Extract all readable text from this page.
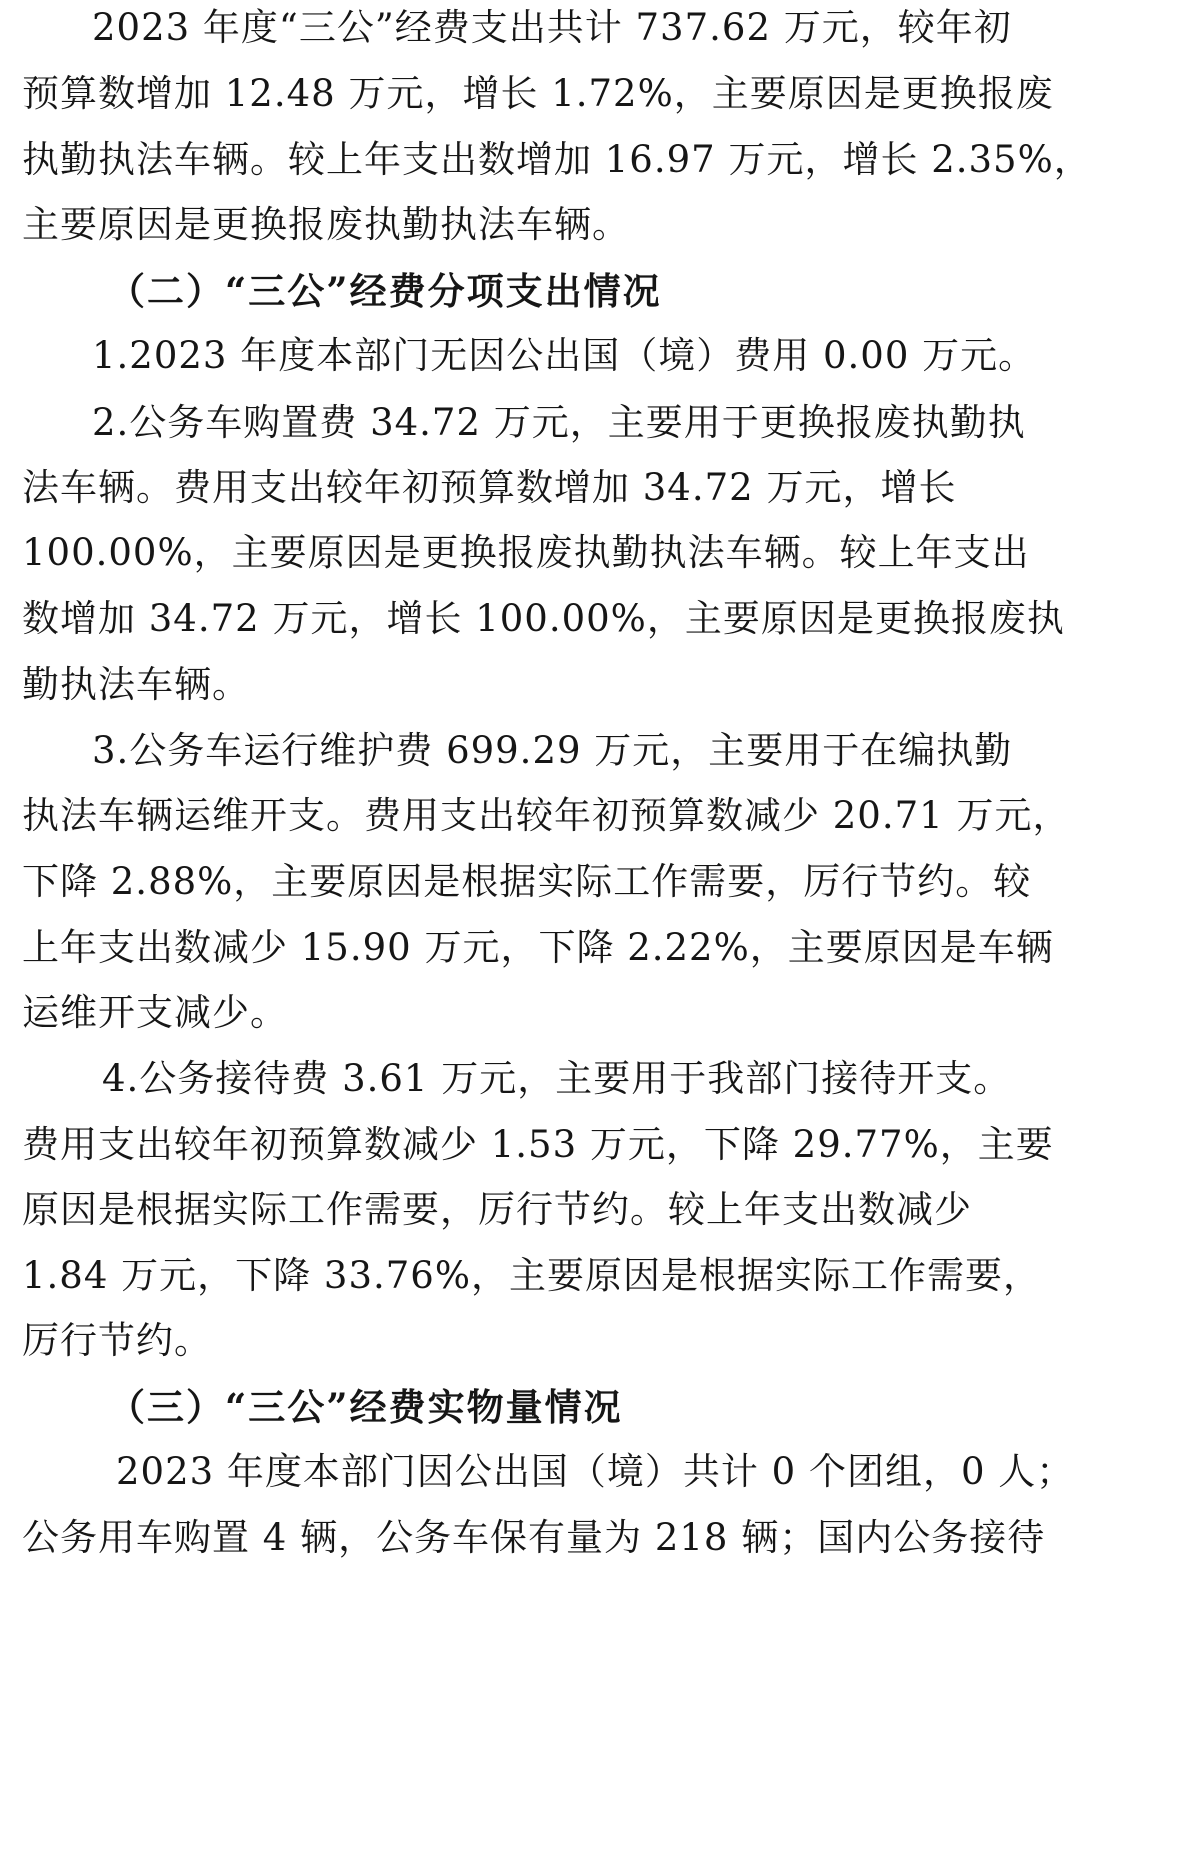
2023 年度“三公”经费支出共计 737.62 万元，较年初
预算数增加 12.48 万元，增长 1.72%，主要原因是更换报废
执勤执法车辆。较上年支出数增加 16.97 万元，增长 2.35%，
主要原因是更换报废执勤执法车辆。
（二）“三公”经费分项支出情况
1.2023 年度本部门无因公出国（境）费用 0.00 万元。
2.公务车购置费 34.72 万元，主要用于更换报废执勤执
法车辆。费用支出较年初预算数增加 34.72 万元，增长
100.00%，主要原因是更换报废执勤执法车辆。较上年支出
数增加 34.72 万元，增长 100.00%，主要原因是更换报废执
勤执法车辆。
3.公务车运行维护费 699.29 万元，主要用于在编执勤
执法车辆运维开支。费用支出较年初预算数减少 20.71 万元，
下降 2.88%，主要原因是根据实际工作需要，厉行节约。较
上年支出数减少 15.90 万元，下降 2.22%，主要原因是车辆
运维开支减少。
4.公务接待费 3.61 万元，主要用于我部门接待开支。
费用支出较年初预算数减少 1.53 万元，下降 29.77%，主要
原因是根据实际工作需要，厉行节约。较上年支出数减少
1.84 万元，下降 33.76%，主要原因是根据实际工作需要，
厉行节约。
（三）“三公”经费实物量情况
2023 年度本部门因公出国（境）共计 0 个团组，0 人；
公务用车购置 4 辆，公务车保有量为 218 辆；国内公务接待
